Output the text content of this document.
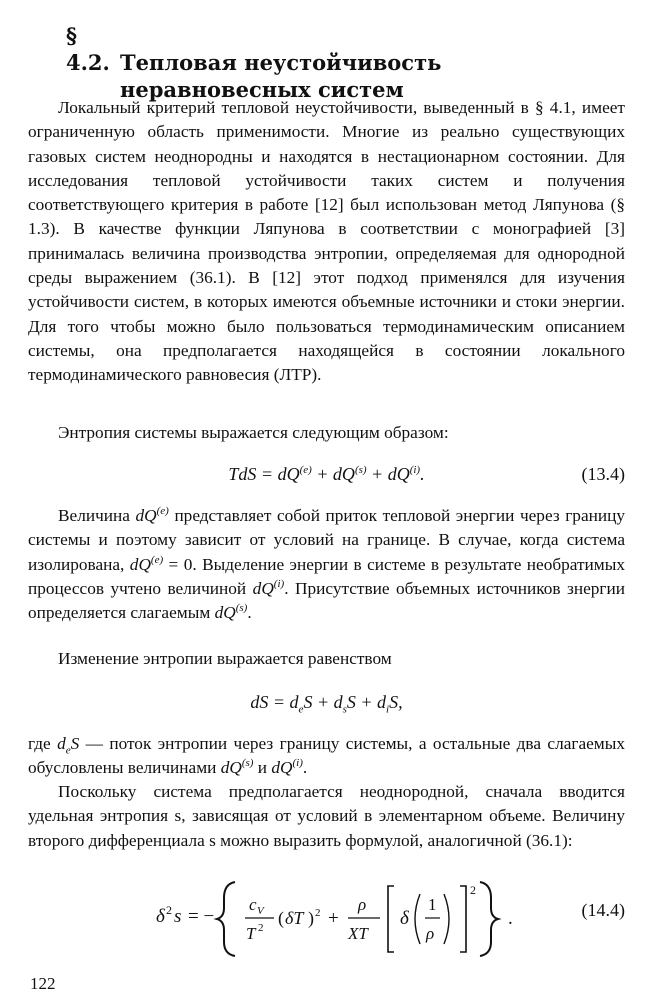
§ 4.2. Тепловая неустойчивость
неравновесных систем

Локальный критерий тепловой неустойчивости, выведенный в § 4.1, имеет ограниченную область применимости. Многие из реально существующих газовых систем неоднородны и находятся в нестационарном состоянии. Для исследования тепловой устойчивости таких систем и получения соответствующего критерия в работе [12] был использован метод Ляпунова (§ 1.3). В качестве функции Ляпунова в соответствии с монографией [3] принималась величина производства энтропии, определяемая для однородной среды выражением (36.1). В [12] этот подход применялся для изучения устойчивости систем, в которых имеются объемные источники и стоки энергии. Для того чтобы можно было пользоваться термодинамическим описанием системы, она предполагается находящейся в состоянии локального термодинамического равновесия (ЛТР).

Энтропия системы выражается следующим образом:

TdS = $dQ^{(e)} + dQ^{(s)} + dQ^{(i)}$.	(13.4)

Величина $dQ^{(e)}$ представляет собой приток тепловой энергии через границу системы и поэтому зависит от условий на границе. В случае, когда система изолирована, $dQ^{(e)} = 0$. Выделение энергии в системе в результате необратимых процессов учтено величиной $dQ^{(i)}$. Присутствие объемных источников знергии определяется слагаемым $dQ^{(s)}$.

Изменение энтропии выражается равенством

dS = $d_eS + d_sS + d_iS$,

где $d_eS$ — поток энтропии через границу системы, а остальные два слагаемых обусловлены величинами $dQ^{(s)}$ и $dQ^{(i)}$.

Поскольку система предполагается неоднородной, сначала вводится удельная энтропия s, зависящая от условий в элементарном объеме. Величину второго дифференциала s можно выразить формулой, аналогичной (36.1):

δ 2 s = −
c V
T 2 ( δT ) 2 +
ρ
XT
δ
1
ρ
2
.	(14.4)
122
